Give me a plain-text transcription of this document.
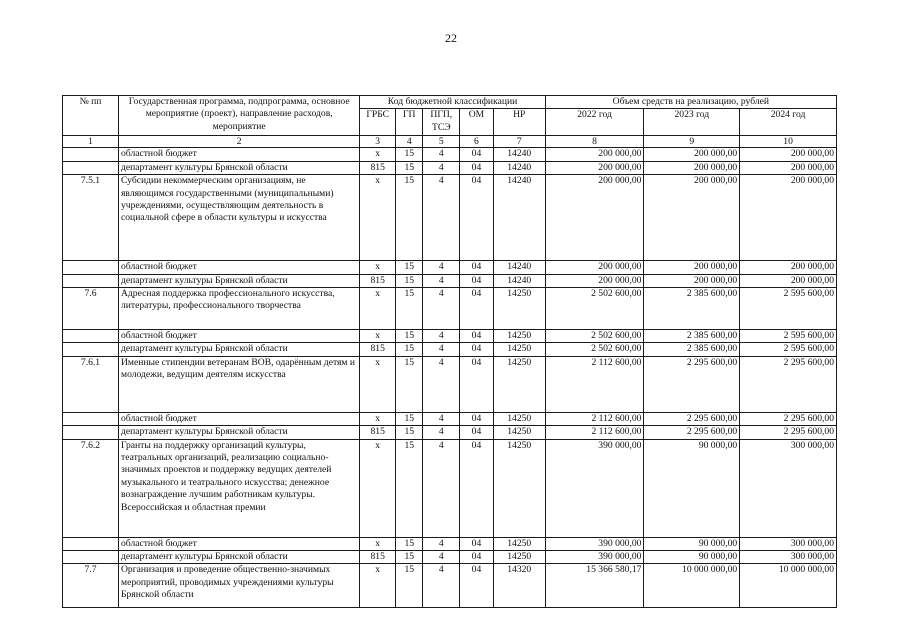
22
№ пп	Государственная программа, подпрограмма, основное мероприятие (проект), направление расходов, мероприятие	Код бюджетной классификации					Объем средств на реализацию, рублей		
		ГРБС	ГП	ПГП, ТСЭ	ОМ	НР	2022 год	2023 год	2024 год
1	2	3	4	5	6	7	8	9	10
	областной бюджет	х	15	4	04	14240	200 000,00	200 000,00	200 000,00
	департамент культуры Брянской области	815	15	4	04	14240	200 000,00	200 000,00	200 000,00
7.5.1	Субсидии некоммерческим организациям, не являющимся государственными (муниципальными) учреждениями, осуществляющим деятельность в социальной сфере в области культуры и искусства	х	15	4	04	14240	200 000,00	200 000,00	200 000,00
	областной бюджет	х	15	4	04	14240	200 000,00	200 000,00	200 000,00
	департамент культуры Брянской области	815	15	4	04	14240	200 000,00	200 000,00	200 000,00
7.6	Адресная поддержка профессионального искусства, литературы, профессионального творчества	х	15	4	04	14250	2 502 600,00	2 385 600,00	2 595 600,00
	областной бюджет	х	15	4	04	14250	2 502 600,00	2 385 600,00	2 595 600,00
	департамент культуры Брянской области	815	15	4	04	14250	2 502 600,00	2 385 600,00	2 595 600,00
7.6.1	Именные стипендии ветеранам ВОВ, одарённым детям и молодежи, ведущим деятелям искусства	х	15	4	04	14250	2 112 600,00	2 295 600,00	2 295 600,00
	областной бюджет	х	15	4	04	14250	2 112 600,00	2 295 600,00	2 295 600,00
	департамент культуры Брянской области	815	15	4	04	14250	2 112 600,00	2 295 600,00	2 295 600,00
7.6.2	Гранты на поддержку организаций культуры, театральных организаций, реализацию социально-значимых проектов и поддержку ведущих деятелей музыкального и театрального искусства; денежное вознаграждение лучшим работникам культуры. Всероссийская и областная премии	х	15	4	04	14250	390 000,00	90 000,00	300 000,00
	областной бюджет	х	15	4	04	14250	390 000,00	90 000,00	300 000,00
	департамент культуры Брянской области	815	15	4	04	14250	390 000,00	90 000,00	300 000,00
7.7	Организация и проведение общественно-значимых мероприятий, проводимых учреждениями культуры Брянской области	х	15	4	04	14320	15 366 580,17	10 000 000,00	10 000 000,00
